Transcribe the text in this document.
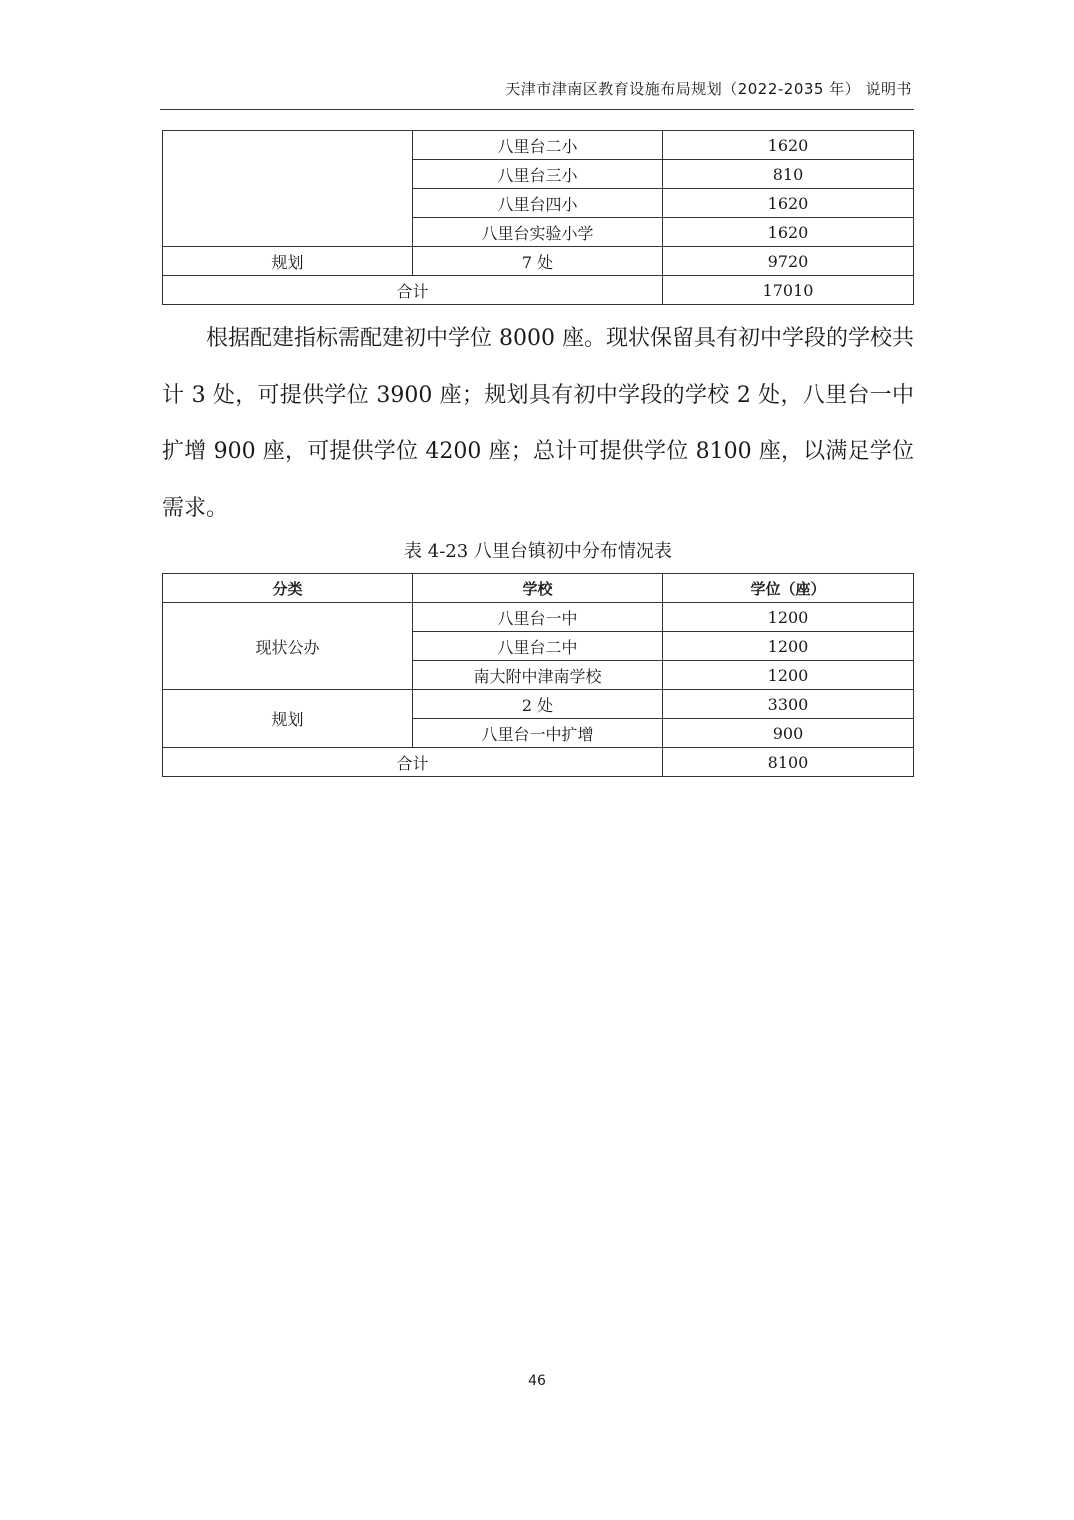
天津市津南区教育设施布局规划（2022-2035 年） 说明书
	八里台二小	1620
	八里台三小	810
	八里台四小	1620
	八里台实验小学	1620
规划	7 处	9720
合计		17010

根据配建指标需配建初中学位 8000 座。现状保留具有初中学段的学校共计 3 处，可提供学位 3900 座；规划具有初中学段的学校 2 处，八里台一中扩增 900 座，可提供学位 4200 座；总计可提供学位 8100 座，以满足学位需求。

表 4-23 八里台镇初中分布情况表
分类	学校	学位（座）
现状公办	八里台一中	1200
	八里台二中	1200
	南大附中津南学校	1200
规划	2 处	3300
	八里台一中扩增	900
合计		8100
46
